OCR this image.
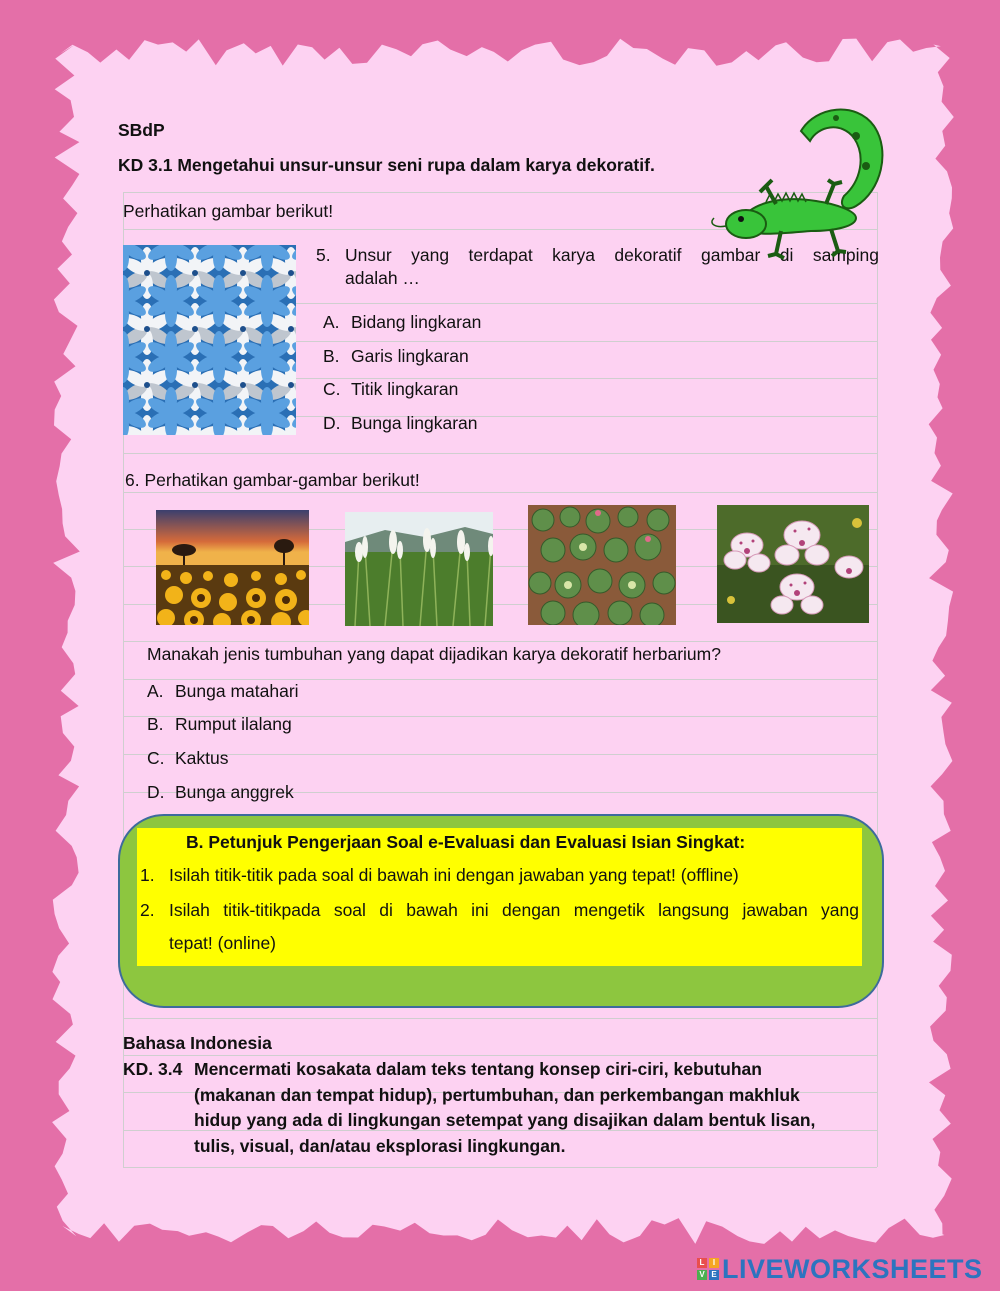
SBdP
KD 3.1 Mengetahui unsur-unsur seni rupa dalam karya dekoratif.
Perhatikan gambar berikut!
5. Unsur yang terdapat karya dekoratif gambar di samping
adalah …
A. Bidang lingkaran
B. Garis lingkaran
C. Titik lingkaran
D. Bunga lingkaran
6. Perhatikan gambar-gambar berikut!
Manakah jenis tumbuhan yang dapat dijadikan karya dekoratif herbarium?
A. Bunga matahari
B. Rumput ilalang
C. Kaktus
D. Bunga anggrek
B. Petunjuk Pengerjaan Soal e-Evaluasi dan Evaluasi Isian Singkat:
1. Isilah titik-titik pada soal di bawah ini dengan jawaban yang tepat! (offline)
2. Isilah titik-titikpada soal di bawah ini dengan mengetik langsung jawaban yang
tepat! (online)
Bahasa Indonesia
KD. 3.4 Mencermati kosakata dalam teks tentang konsep ciri-ciri, kebutuhan
(makanan dan tempat hidup), pertumbuhan, dan perkembangan makhluk
hidup yang ada di lingkungan setempat yang disajikan dalam bentuk lisan,
tulis, visual, dan/atau eksplorasi lingkungan.
L	I
V E LIVEWORKSHEETS
